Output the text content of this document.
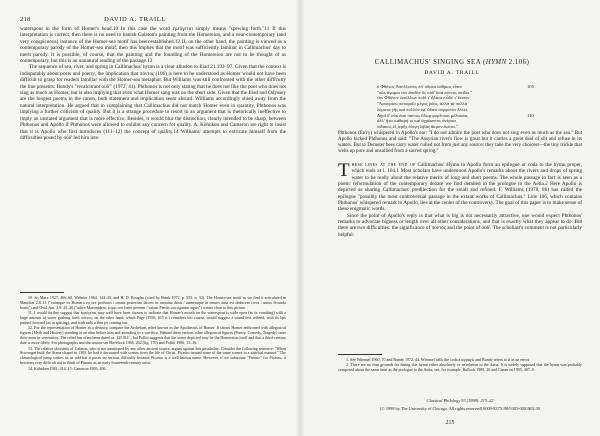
218	DAVID A. TRAILL

waterspout in the form of Homer's head.10 In this case the word ἐρεύγεται simply means "spewing forth."11 If this interpretation is correct, then there is no need to banish Galaton's painting from the Homereion, and a near-contemporary (and very conspicuous) instance of the Homer-sea motif has been established.12 If, on the other hand, the painting is viewed as a contemporary parody of the Homer-sea motif, then this implies that the motif was sufficiently familiar in Callimachus' day to merit parody. It is possible, of course, that the painting and the founding of the Homereion are not to be thought of as contemporary, but this is an unnatural reading of the passage.13

The sequence of sea, river, and spring in Callimachus' hymn is a clear allusion to Iliad 21.193–97. Given that the context is indisputably about poets and poetry, the implication that πόντος (106) is here to be understood as Homer would not have been difficult to grasp for readers familiar with the Homer-sea metaphor. But Williams was still confronted with the other difficulty the line presents: Bundy's "recalcitrant οὐδ'" (1972, 41). Phthonos is not only stating that he does not like the poet who does not sing as much as Homer, but is also implying that even what Homer sang was on the short side. Given that the Iliad and Odyssey are the longest poems in the canon, both statement and implication seem absurd. Williams accordingly shied away from the natural interpretation. He argued that in complaining that Callimachus did not match Homer even in quantity, Phthonos was implying a further criticism of quality. But it is a strange procedure to resort to an argument that is rhetorically ineffective to imply an unstated argument that is more effective. Besides, it would blur the distinction, clearly intended to be sharp, between Phthonos and Apollo if Phthonos were allowed to exhibit any concern for quality. A. Köhnken and Cameron are right to insist that it is Apollo who first introduces (111–12) the concept of quality.14 Williams' attempts to extricate himself from the difficulties posed by οὐδ' led him into

10. So Marx 1927, 466–68, Webster 1964, 144–45, and H. D. Bouglas (cited by Brink 1972, p. 555, n. 32). The Homer-sea motif as we find it articulated in Manilius 2.8–11 ("cuiusque ex Homero ex ore profusos / omnis posteritas latices in carmina duxit / amnemque in tenues ausa est deducere rivos / unius fecunda bonis") and Ovid Am. 3.9. 25–26 ("adice Maeonidem, a quo ceu fonte perenni / vatum Pieriis ora rigantur aquis") comes close to this picture.

11. I would further suggest that ἐρεύγεται may well have been chosen to indicate that Homer's mouth on the waterspout is wide open (as in vomiting) with a large amount of water gushing forth πόντος, on the other hand, which Page (1950, 615 n.) considers too coarse, would suggest a sound less refined, with its lips pushed forward (as in spitting), and with only a thin jet coming out.

12. For the representation of Homer as a divinity, compare the Archelaus relief known as the Apotheosis of Homer. It shows Homer enthroned with allegorical figures (Myth and History) standing at an altar before him and attending to a sacrifice. Behind them various other allegorical figures (Poetry, Comedy, Tragedy) raise their arms in veneration. The relief has often been dated ca. 125 B.C., but Pollitt suggests that the scene depicted may be the Homereion itself and that a third-century date is more likely. For photographs and discussion see Havelock 1968, 202 (fig. 170) and Pollitt 1986, 15–16.

13. The relative obscurity of Galaton, who is not mentioned by any other ancient source, argues against this possibility. Consider the following sentence: "When Scrovegni built the Arena chapel in 1305, he had it decorated with scenes from the life of Christ. Picasso treated some of the same scenes in a satirical manner." The chronological jump strikes us as odd but it poses no serious difficulty because Picasso is a well-known name. However, if we substitute "Pinario" for Picasso, it becomes very difficult not to think of Pinario as an early fourteenth-century artist.

14. Köhnken 1981, 414–15; Cameron 1995, 406.

CALLIMACHUS' SINGING SEA (HYMN 2.106)
DAVID A. TRAILL
ὁ Φθόνος Ἀπόλλωνος ἐπ' οὔατα λάθριος εἶπεν	105
"οὐκ ἄγαμαι τὸν ἀοιδὸν ὃς οὐδ' ὅσα πόντος ἀείδει."
τὸν Φθόνον ὡπόλλων ποδί τ' ἤλασεν ὧδέ τ' ἔειπεν·
"Ἀσσυρίου ποταμοῖο μέγας ῥόος, ἀλλὰ τὰ πολλὰ
λύματα γῆς καὶ πολλὸν ἐφ' ὕδατι συρφετὸν ἕλκει.
Δηοῖ δ' οὐκ ἀπὸ παντὸς ὕδωρ φορέουσι μέλισσαι,	110
ἀλλ' ἥτις καθαρή τε καὶ ἀχράαντος ἀνέρπει
πίδακος ἐξ ἱερῆς ὀλίγη λιβὰς ἄκρον ἄωτον."
Phthonos (Envy) whispered in Apollo's ear: "I do not admire the poet who does not sing even as much as the sea." But Apollo kicked Phthonos and said: "The Assyrian river's flow is great but it carries a great deal of silt and refuse in its waters. But to Demeter bees carry water culled not from just any source; they take the very choicest—the tiny trickle that wells up pure and unsullied from a sacred spring."

These lines at the end of Callimachus' Hymn to Apollo form an epilogue or coda to the hymn proper, which ends at l. 104.1 Most scholars have understood Apollo's remarks about the rivers and drops of spring water to be really about the relative merits of long and short poems. The whole passage in fact is seen as a poetic reformulation of the contemporary debate we find detailed in the prologue to the Aetia.2 Here Apollo is depicted as sharing Callimachus' predilection for the small and refined. F. Williams (1978, 86) has called the epilogue "possibly the most controversial passage in the extant works of Callimachus." Line 106, which contains Phthonos' whispered remark to Apollo, lies at the center of the controversy. The goal of this paper is to make sense of these enigmatic words.

Since the point of Apollo's reply is that what is big is not necessarily attractive, one would expect Phthonos' remarks to advocate bigness or length over all other considerations, and that is exactly what they appear to do. But there are two difficulties: the significance of πόντος and the point of οὐδ'. The scholiast's comment is not particularly helpful:

1. See Wimmel 1960, 70 and Bundy 1972, 44. Wimmel calls the coda a σφραγίς and Bundy refers to it as an envoi.

2. There are no firm grounds for dating this hymn either absolutely or in relation to the Aetia. It is widely supposed that the hymn was probably composed about the same time as the prologue to the Aetia; see, for example, Bulloch 1989, 20 and Cameron 1995, 407–9.

Classical Philology 93 (1998): 215–22
[© 1998 by The University of Chicago. All rights reserved] 0009-837X/98/9303-0001$02.00
215
